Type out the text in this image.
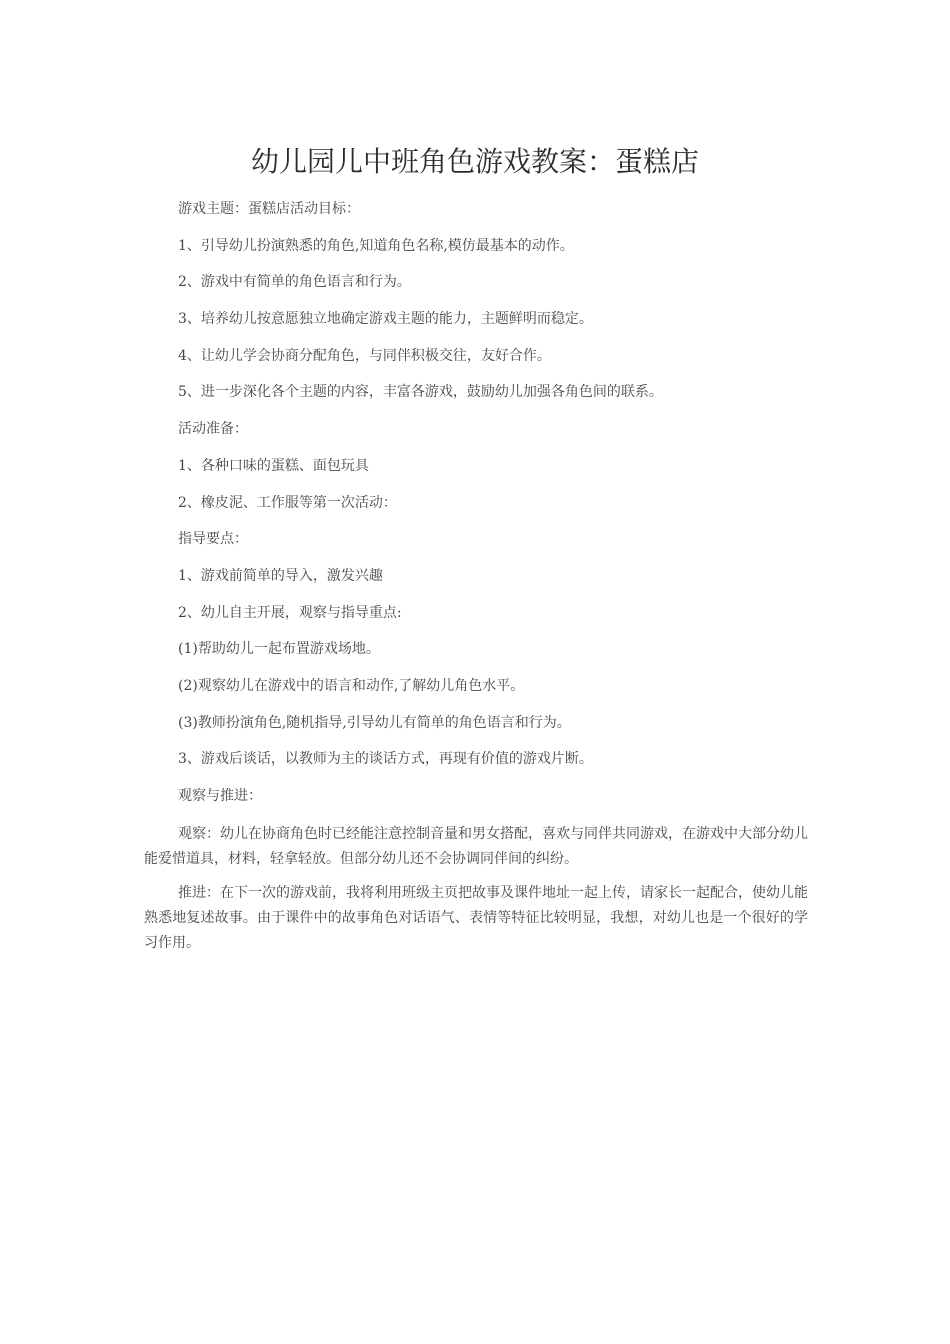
幼儿园儿中班角色游戏教案：蛋糕店

游戏主题：蛋糕店活动目标：

1、引导幼儿扮演熟悉的角色,知道角色名称,模仿最基本的动作。

2、游戏中有简单的角色语言和行为。

3、培养幼儿按意愿独立地确定游戏主题的能力，主题鲜明而稳定。

4、让幼儿学会协商分配角色，与同伴积极交往，友好合作。

5、进一步深化各个主题的内容，丰富各游戏，鼓励幼儿加强各角色间的联系。

活动准备：

1、各种口味的蛋糕、面包玩具

2、橡皮泥、工作服等第一次活动：

指导要点：

1、游戏前简单的导入，激发兴趣

2、幼儿自主开展，观察与指导重点:

(1)帮助幼儿一起布置游戏场地。

(2)观察幼儿在游戏中的语言和动作,了解幼儿角色水平。

(3)教师扮演角色,随机指导,引导幼儿有简单的角色语言和行为。

3、游戏后谈话，以教师为主的谈话方式，再现有价值的游戏片断。

观察与推进：

观察：幼儿在协商角色时已经能注意控制音量和男女搭配，喜欢与同伴共同游戏，在游戏中大部分幼儿能爱惜道具，材料，轻拿轻放。但部分幼儿还不会协调同伴间的纠纷。

推进：在下一次的游戏前，我将利用班级主页把故事及课件地址一起上传，请家长一起配合，使幼儿能熟悉地复述故事。由于课件中的故事角色对话语气、表情等特征比较明显，我想，对幼儿也是一个很好的学习作用。
